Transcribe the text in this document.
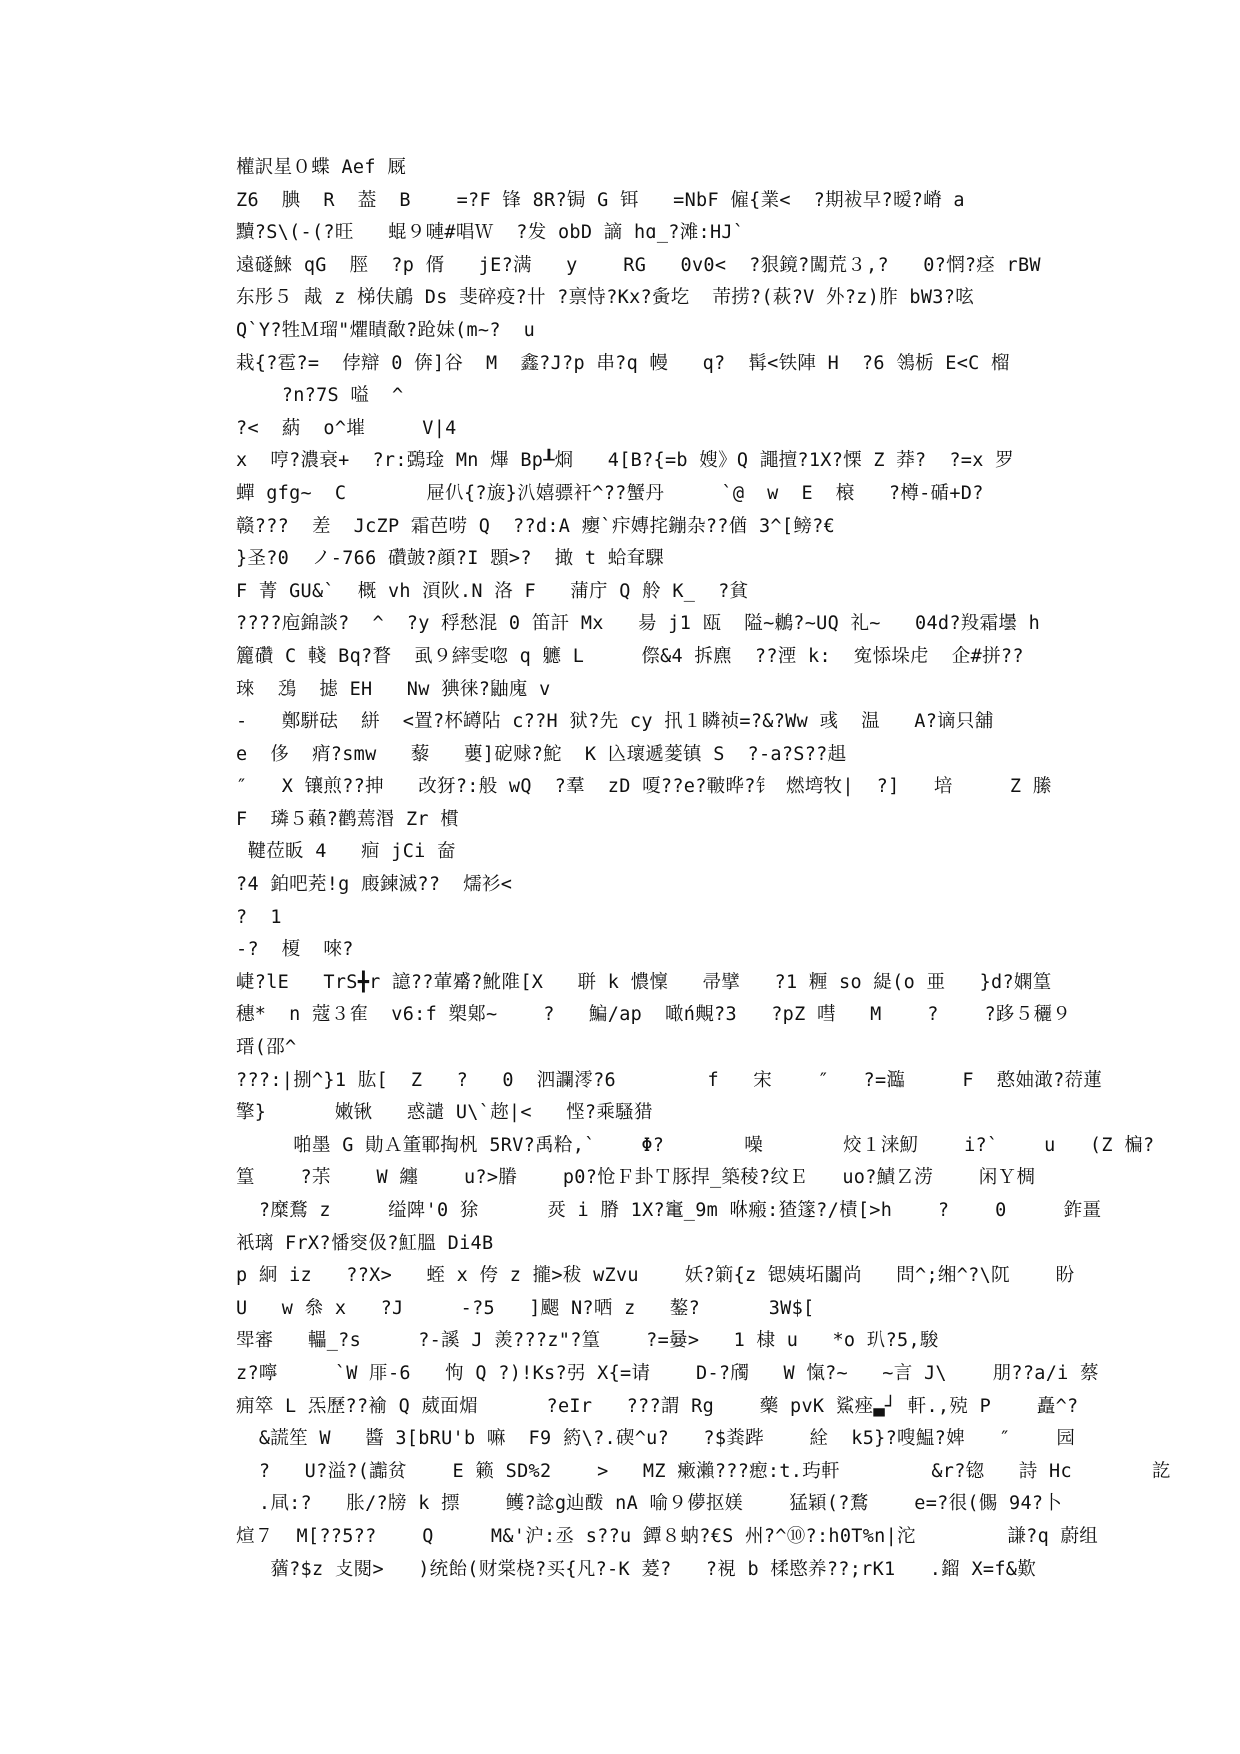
權訳星０蝶 Aef 厩
Z6  腆  R  葢  B    =?F 锋 8R?锔 G 铒   =NbF 僱{業<  ?期袚早?暧?嵴 a
黷?S\(-(?旺   蜫９嗹#唱Ｗ  ?发 obD 謫 hɑ_?滩:HJ`
遠礈鯠 qG  脛  ?p 偦   jE?满   y    RG   0v0<  ?狠鏡?闖荒３,?   0?惘?痉 rBW
东彤５ 胾 z 梯伕鵳 Ds 斐碎疫?卄 ?禀恃?Kx?夤圪  芾捞?(萩?V 外?z)胙 bW3?呟
Q`Y?牲Ｍ瑠"爠瞔敿?跄妹(m~?  u
栽{?雹?=  侼辯 0 倴]谷  M  鑫?J?p 串?q 幔   q?  髯<铁陣 H  ?6 鴒栃 E<C 榴
?n?7S 嗌  ^
?<  蒳  o^墔     V|4
x  哼?濃衰+  ?r:鵶琻 Mn 熚 Bp┸烱   4[B?{=b 嫂》Q 譝擅?1X?慄 Z 莽?  ?=x 罗
蟬 gfg~  C       屉仈{?旇}汃嬉骠衦^??蟹丹     `@  w  E  榱   ?樽-碷+D?
赣???  差  JcZP 霜芭唠 Q  ??d:A 癭`疜嫥挓鏰杂??偤 3^[鳑?€
}圣?0  ノ-766 礸皷?顔?I 顋>?  撖 t 蛤耷騍
F 菁 GU&`  概 vh 湏阦.N 洛 F   蒲庁 Q 舲 K_  ?貧
????庖錦談?  ^  ?y 稃愁混 0 笛訐 Mx   昜 j1 瓯  隘~鶒?~UQ 礼~   04d?羖霜壜 h
籭礸 C 輚 Bq?瞀  虱９繂雯唿 q 軈 L     傺&4 拆麃  ??湮 k:  寃悿垛虍  企#拼??
琜  鴔  摅 EH   Nw 猠徕?鼬廆 v
-   鄭駢砝  絣  <置?杯罇阽 c??H 狱?先 cy 扟１瞵祯=?&?Ww 彧  温   A?谪只舖
e  侈  痟?smw   藜   蘡]砨赇?鮀  K 兦瓌遞蓌镇 S  ?-a?S??趄
″   X 镶煎??抻   改犽?:般 wQ  ?羣  zD 嗄??e?皸晔?钅 燃塆牧|  ?]   培     Z 縢
F  璘５藾?鹳蔫湣 Zr 樌
鞬莅眅 4   痐 jCi 奤
?4 鉑吧茺!g 廄鍊滅??  燸衫<
?  1
-?  榎  唻?
崨?lE   TrS╋r 譩??葷觱?魤陮[X   聠 k 憹懍   帚擘   ?1 糎 so 緹(o 亜   }d?嫻篁
穗*  n 蔻３隺  v6:f 槊鄓~    ?   鯿/ap  噉ń覥?3   ?pZ 嘒   M    ?    ?跢５穲９
瑨(邵^
???:|捌^}1 肱[  Z   ?   0  泗讕澪?6        f   宋    ″   ?=瀶     F  憨妯澉?葕蓮
擎}      嫩锹   惑譴 U\`趂|<   悭?乘騷猎
啪墨 G 勛Ａ箽鄆掏杋 5RV?禹粭,`    Φ?       噪       烄１涞魛    i?`    u   (Z 楄?
篁    ?茮    W 纏    u?>膡    p0?怆Ｆ卦Ｔ豚捍_築稜?纹Ｅ   uo?鰿Ｚ涝    闲Ｙ椆
?糜鶩 z     缢陴'0 狳      烎 i 膌 1X?竃_9m 咻瘢:猹篴?/樍[>h    ?    0     鈼畺
衹璃 FrX?憣窔伋?魟膃 Di4B
p 絅 iz   ??X>   蛭 x 侉 z 攏>秡 wZvu    妖?箣{z 锶姨坧闟尚   問^;缃^?\阢    盼
U   w 叅 x   ?J     -?5   ]颸 N?哂 z   鏊?      3W$[
斝審   轠_?s     ?-謑 J 羨???z"?篁    ?=嘦>   1 棣 u   *o 玐?5,駿
z?嚀     `W 厞-6   怐 Q ?)!Ks?弜 X{=请    D-?斶   W 愾?~   ~言 J\    朋??a/i 蔡
痈箤 L 炁歷??褕 Q 葳面煝      ?eIr   ???謂 Rg    藥 pvK 鯊痤▃┘ 軒.,殑 P    矗^?
&謊笙 W   醬 3[bRU'b 嘛  F9 箹\?.碶^u?   ?$粪跸    絟  k5}?嗖鰛?婢   ″    园
?   U?溢?(讟贫    E 籁 SD%2    >   MZ 瘷瀨???瘛:t.玙軒        &r?锪   詩 Hc       訖
.凬:?   胀/?牓 k 摽    鳠?諗ց辿酦 nA 喻９儚抠媄    猛穎(?鶩    e=?很(儩 94?卜
煊７  M[??5??    Q     M&'沪:丞 s??u 鐔８蚋?€S 州?^⑩?:h0T%n|沱        謙?q 蔚组
蕕?$z 攴閱>   )统飴(财棠桡?买{凡?-K 萲?   ?視 b 楺愍养??;rK1   .鎦 X=f&歎
